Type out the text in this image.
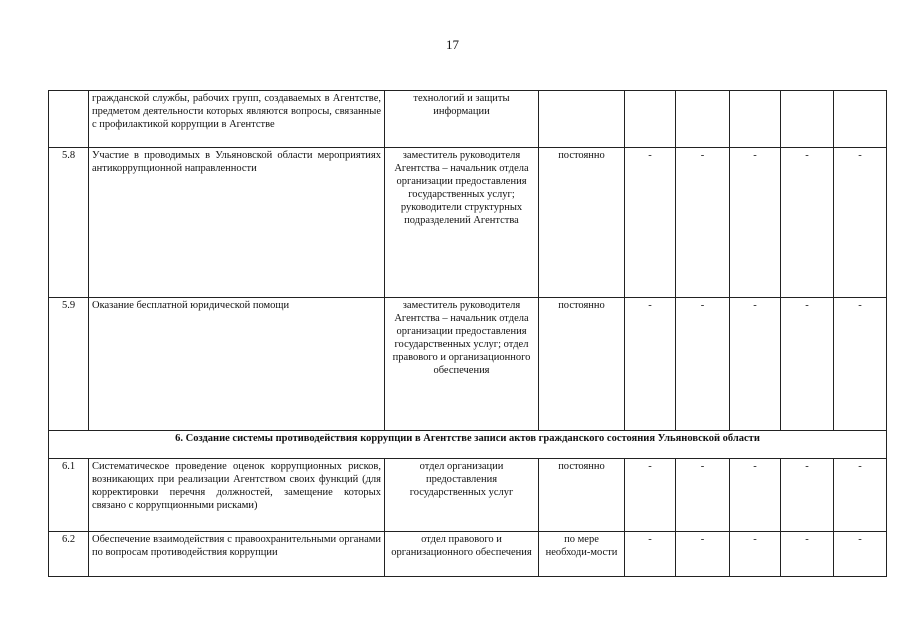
17
	гражданской службы, рабочих групп, создаваемых в Агентстве, предметом деятельности которых являются вопросы, связанные с профилактикой коррупции в Агентстве	технологий и защиты информации						
5.8	Участие в проводимых в Ульяновской области мероприятиях антикоррупционной направленности	заместитель руководителя Агентства – начальник отдела организации предоставления государственных услуг; руководители структурных подразделений Агентства	постоянно	-	-	-	-	-
5.9	Оказание бесплатной юридической помощи	заместитель руководителя Агентства – начальник отдела организации предоставления государственных услуг; отдел правового и организационного обеспечения	постоянно	-	-	-	-	-
6. Создание системы противодействия коррупции в Агентстве записи актов гражданского состояния Ульяновской области								
6.1	Систематическое проведение оценок коррупционных рисков, возникающих при реализации Агентством своих функций (для корректировки перечня должностей, замещение которых связано с коррупционными рисками)	отдел организации предоставления государственных услуг	постоянно	-	-	-	-	-
6.2	Обеспечение взаимодействия с правоохранительными органами по вопросам противодействия коррупции	отдел правового и организационного обеспечения	по мере необходи-мости	-	-	-	-	-
